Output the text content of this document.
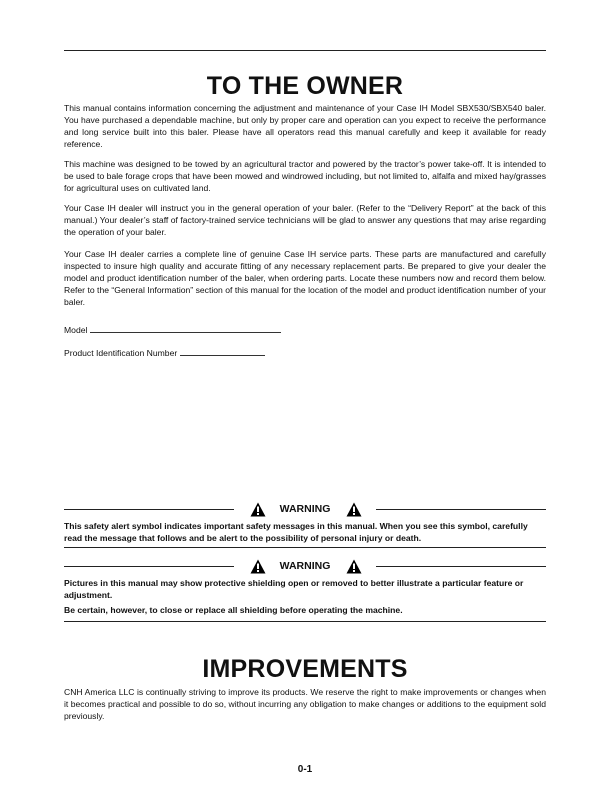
TO THE OWNER

This manual contains information concerning the adjustment and maintenance of your Case IH Model SBX530/SBX540 baler. You have purchased a dependable machine, but only by proper care and operation can you expect to receive the performance and long service built into this baler. Please have all operators read this manual carefully and keep it available for ready reference.

This machine was designed to be towed by an agricultural tractor and powered by the tractor’s power take-off. It is intended to be used to bale forage crops that have been mowed and windrowed including, but not limited to, alfalfa and mixed hay/grasses for agricultural uses on cultivated land.

Your Case IH dealer will instruct you in the general operation of your baler. (Refer to the “Delivery Report” at the back of this manual.) Your dealer’s staff of factory-trained service technicians will be glad to answer any questions that may arise regarding the operation of your baler.

Your Case IH dealer carries a complete line of genuine Case IH service parts. These parts are manufactured and carefully inspected to insure high quality and accurate fitting of any necessary replacement parts. Be prepared to give your dealer the model and product identification number of the baler, when ordering parts. Locate these numbers now and record them below. Refer to the “General Information” section of this manual for the location of the model and product identification number of your baler.

Model
Product Identification Number
WARNING

This safety alert symbol indicates important safety messages in this manual. When you see this symbol, carefully read the message that follows and be alert to the possibility of personal injury or death.

WARNING

Pictures in this manual may show protective shielding open or removed to better illustrate a particular feature or adjustment.

Be certain, however, to close or replace all shielding before operating the machine.

IMPROVEMENTS

CNH America LLC is continually striving to improve its products. We reserve the right to make improvements or changes when it becomes practical and possible to do so, without incurring any obligation to make changes or additions to the equipment sold previously.

0-1
